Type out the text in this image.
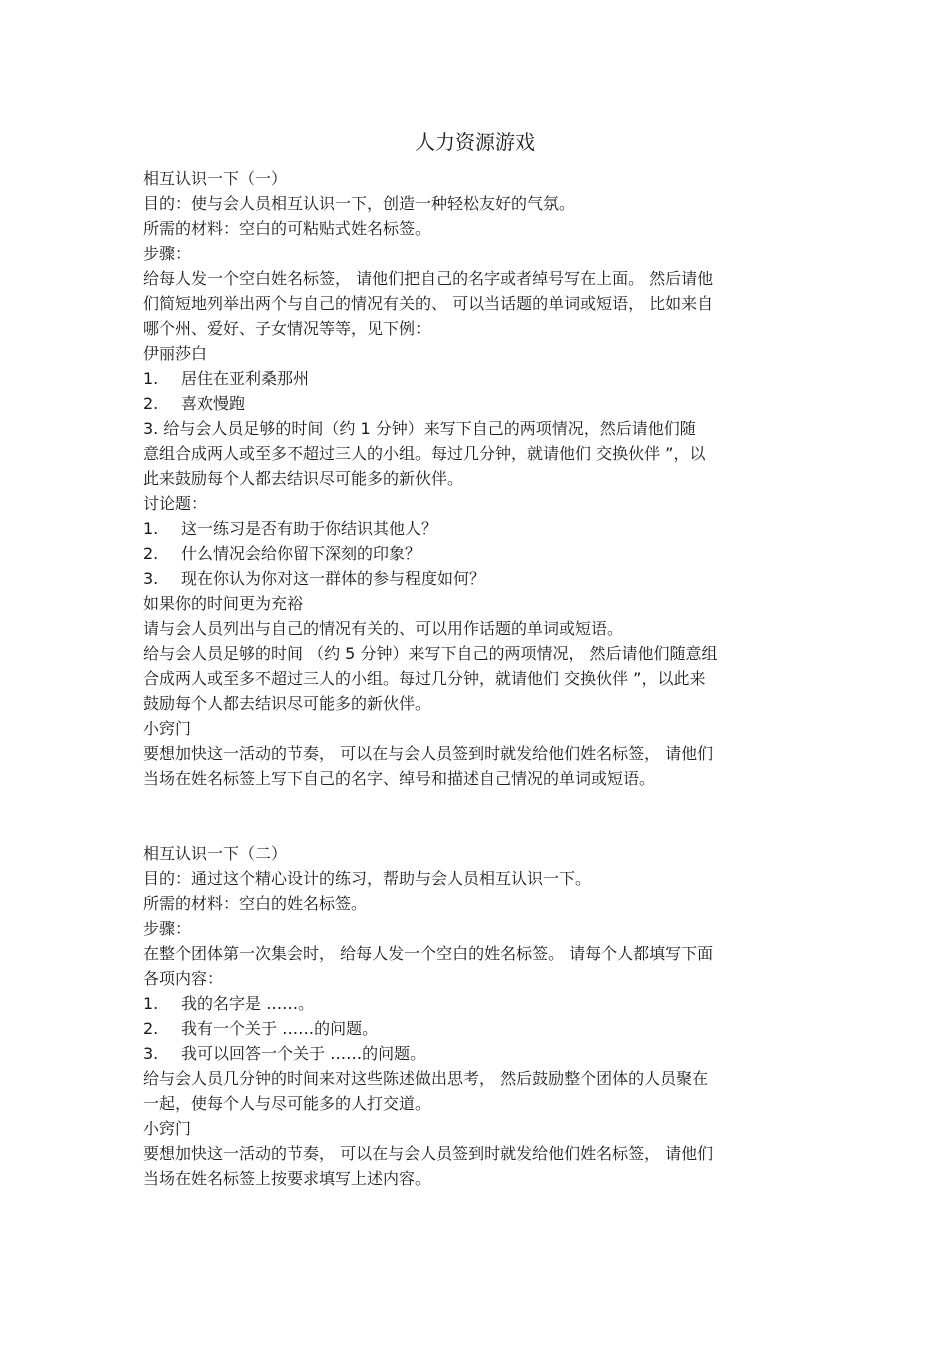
人力资源游戏
相互认识一下（一）
目的：使与会人员相互认识一下，创造一种轻松友好的气氛。
所需的材料：空白的可粘贴式姓名标签。
步骤：
给每人发一个空白姓名标签， 请他们把自己的名字或者绰号写在上面。 然后请他
们简短地列举出两个与自己的情况有关的、 可以当话题的单词或短语， 比如来自
哪个州、爱好、子女情况等等，见下例：
伊丽莎白
1.	居住在亚利桑那州
2.	喜欢慢跑
3. 给与会人员足够的时间（约 1 分钟）来写下自己的两项情况，然后请他们随
意组合成两人或至多不超过三人的小组。每过几分钟，就请他们 交换伙伴 ”，以
此来鼓励每个人都去结识尽可能多的新伙伴。
讨论题：
1.	这一练习是否有助于你结识其他人？
2.	什么情况会给你留下深刻的印象？
3.	现在你认为你对这一群体的参与程度如何？
如果你的时间更为充裕
请与会人员列出与自己的情况有关的、可以用作话题的单词或短语。
给与会人员足够的时间 （约 5 分钟）来写下自己的两项情况， 然后请他们随意组
合成两人或至多不超过三人的小组。每过几分钟，就请他们 交换伙伴 ”，以此来
鼓励每个人都去结识尽可能多的新伙伴。
小窍门
要想加快这一活动的节奏， 可以在与会人员签到时就发给他们姓名标签， 请他们
当场在姓名标签上写下自己的名字、绰号和描述自己情况的单词或短语。
相互认识一下（二）
目的：通过这个精心设计的练习，帮助与会人员相互认识一下。
所需的材料：空白的姓名标签。
步骤：
在整个团体第一次集会时， 给每人发一个空白的姓名标签。 请每个人都填写下面
各项内容：
1.	我的名字是 ……。
2.	我有一个关于 ……的问题。
3.	我可以回答一个关于 ……的问题。
给与会人员几分钟的时间来对这些陈述做出思考， 然后鼓励整个团体的人员聚在
一起，使每个人与尽可能多的人打交道。
小窍门
要想加快这一活动的节奏， 可以在与会人员签到时就发给他们姓名标签， 请他们
当场在姓名标签上按要求填写上述内容。
